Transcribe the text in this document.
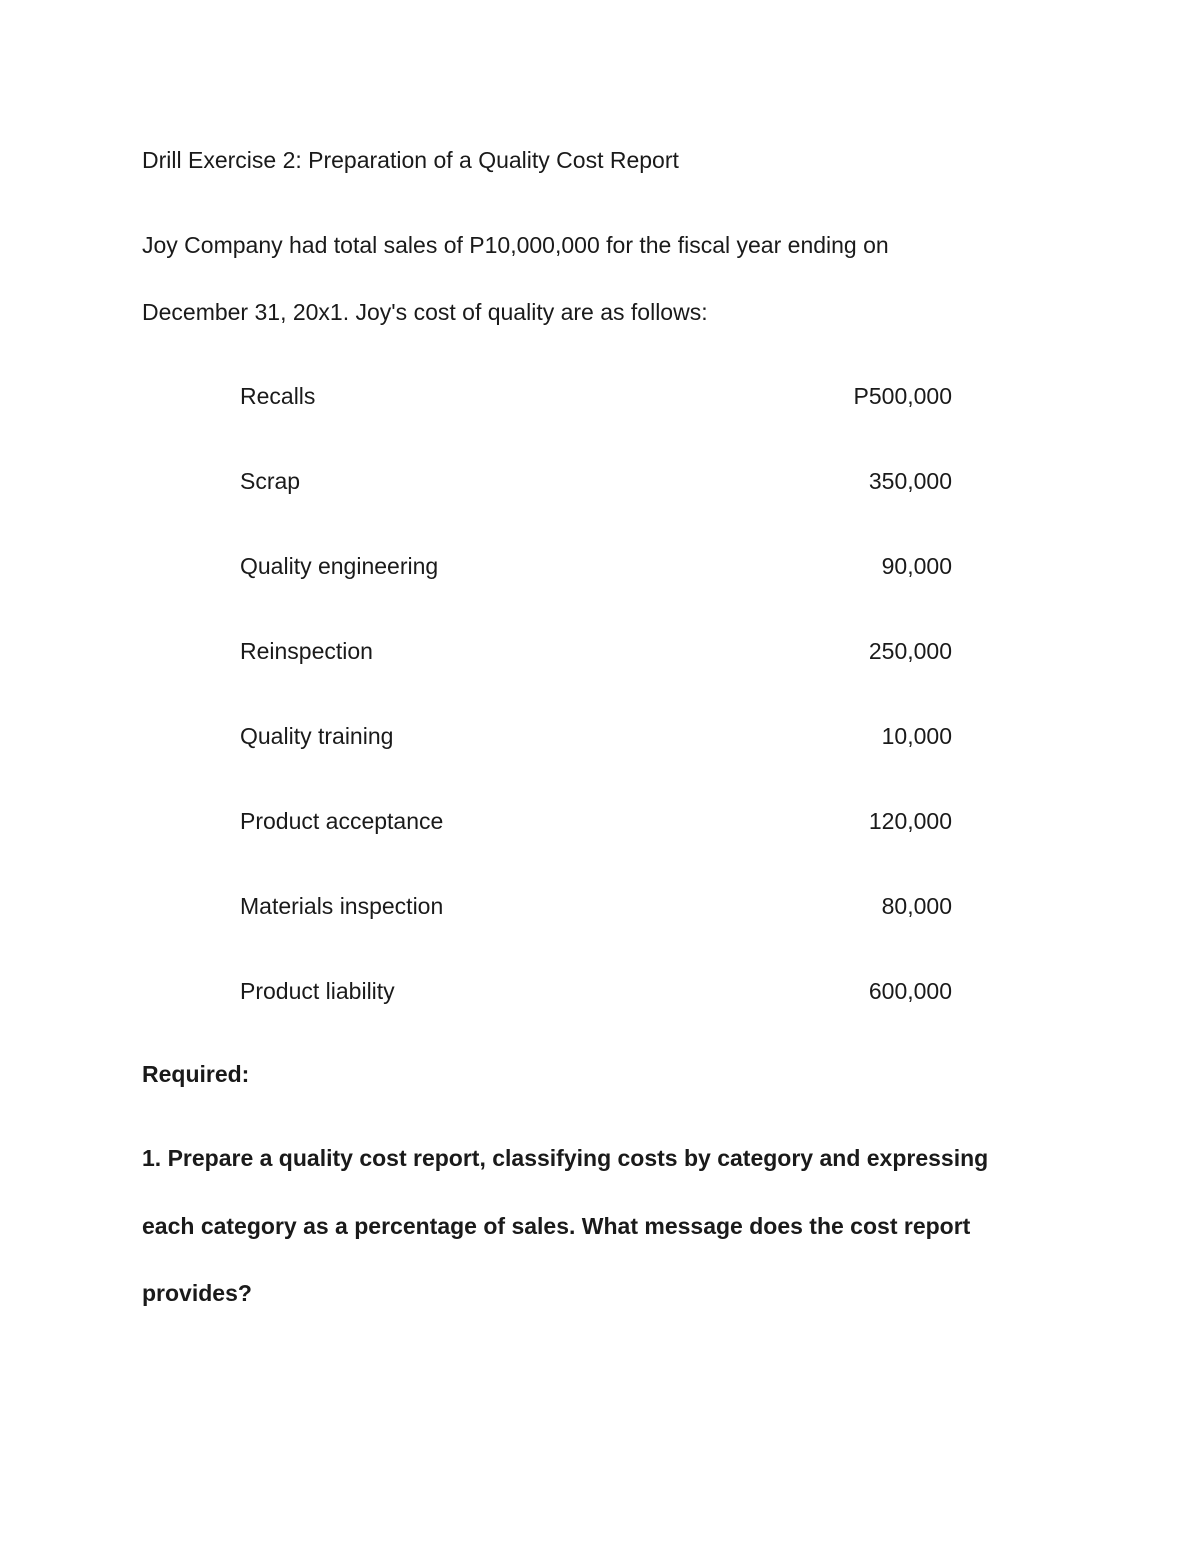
Drill Exercise 2: Preparation of a Quality Cost Report
Joy Company had total sales of P10,000,000 for the fiscal year ending on
December 31, 20x1. Joy's cost of quality are as follows:
Recalls	P500,000
Scrap	350,000
Quality engineering	90,000
Reinspection	250,000
Quality training	10,000
Product acceptance	120,000
Materials inspection	80,000
Product liability	600,000
Required:
1. Prepare a quality cost report, classifying costs by category and expressing
each category as a percentage of sales. What message does the cost report
provides?
